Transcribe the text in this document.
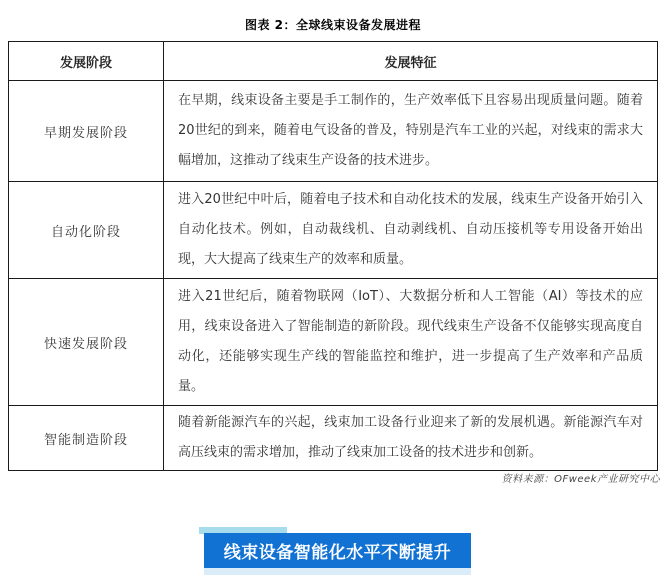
图表 2：全球线束设备发展进程
发展阶段	发展特征
早期发展阶段	在早期，线束设备主要是手工制作的，生产效率低下且容易出现质量问题。随着20世纪的到来，随着电气设备的普及，特别是汽车工业的兴起，对线束的需求大幅增加，这推动了线束生产设备的技术进步。
自动化阶段	进入20世纪中叶后，随着电子技术和自动化技术的发展，线束生产设备开始引入自动化技术。例如，自动裁线机、自动剥线机、自动压接机等专用设备开始出现，大大提高了线束生产的效率和质量。
快速发展阶段	进入21世纪后，随着物联网（IoT）、大数据分析和人工智能（AI）等技术的应用，线束设备进入了智能制造的新阶段。现代线束生产设备不仅能够实现高度自动化，还能够实现生产线的智能监控和维护，进一步提高了生产效率和产品质量。
智能制造阶段	随着新能源汽车的兴起，线束加工设备行业迎来了新的发展机遇。新能源汽车对高压线束的需求增加，推动了线束加工设备的技术进步和创新。
资料来源：OFweek产业研究中心
线束设备智能化水平不断提升
